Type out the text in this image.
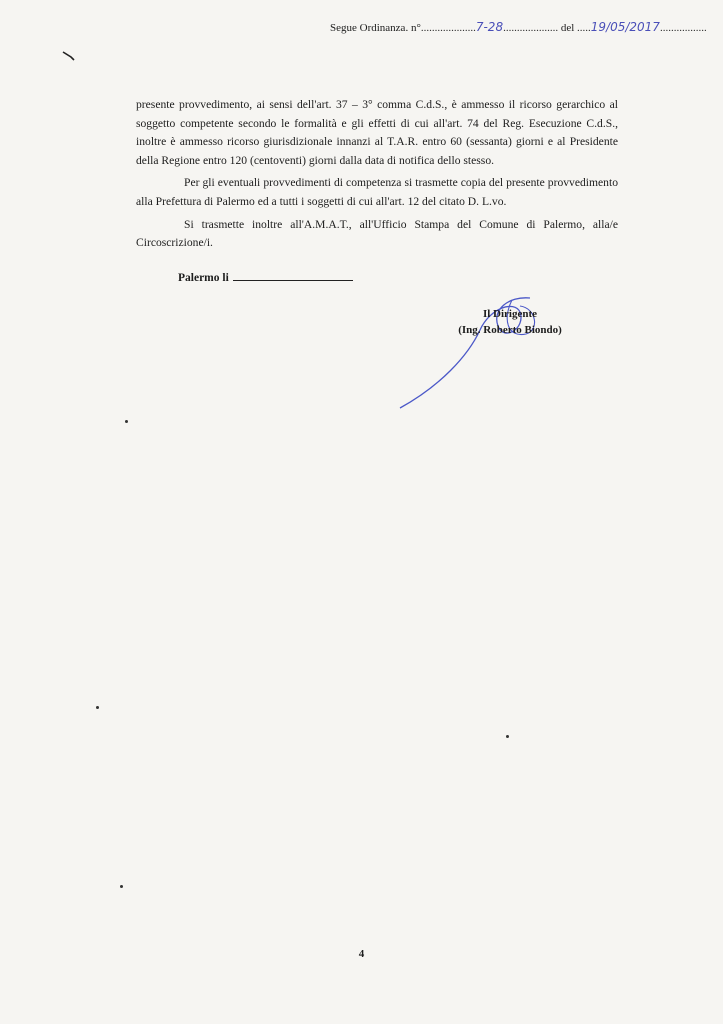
Segue Ordinanza. n°....................7-28.................... del .....19/05/2017.................

presente provvedimento, ai sensi dell'art. 37 – 3° comma C.d.S., è ammesso il ricorso gerarchico al soggetto competente secondo le formalità e gli effetti di cui all'art. 74 del Reg. Esecuzione C.d.S., inoltre è ammesso ricorso giurisdizionale innanzi al T.A.R. entro 60 (sessanta) giorni e al Presidente della Regione entro 120 (centoventi) giorni dalla data di notifica dello stesso.

Per gli eventuali provvedimenti di competenza si trasmette copia del presente provvedimento alla Prefettura di Palermo ed a tutti i soggetti di cui all'art. 12 del citato D. L.vo.

Si trasmette inoltre all'A.M.A.T., all'Ufficio Stampa del Comune di Palermo, alla/e Circoscrizione/i.

Palermo li
Il Dirigente
(Ing. Roberto Biondo)
4
